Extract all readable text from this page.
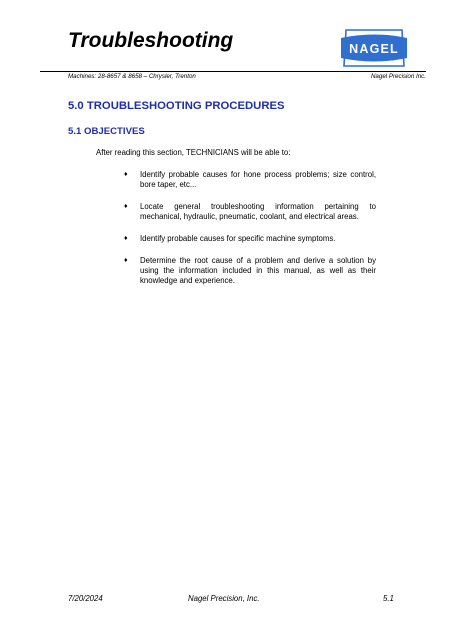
Troubleshooting	NAGEL
Machines: 28-8657 & 8658 – Chrysler, Trenton	Nagel Precision Inc.
5.0 TROUBLESHOOTING PROCEDURES
5.1 OBJECTIVES

After reading this section, TECHNICIANS will be able to:

♦ Identify probable causes for hone process problems; size control, bore taper, etc...
♦ Locate general troubleshooting information pertaining to mechanical, hydraulic, pneumatic, coolant, and electrical areas.
♦ Identify probable causes for specific machine symptoms.
♦ Determine the root cause of a problem and derive a solution by using the information included in this manual, as well as their knowledge and experience.
7/20/2024	Nagel Precision, Inc.	5.1
